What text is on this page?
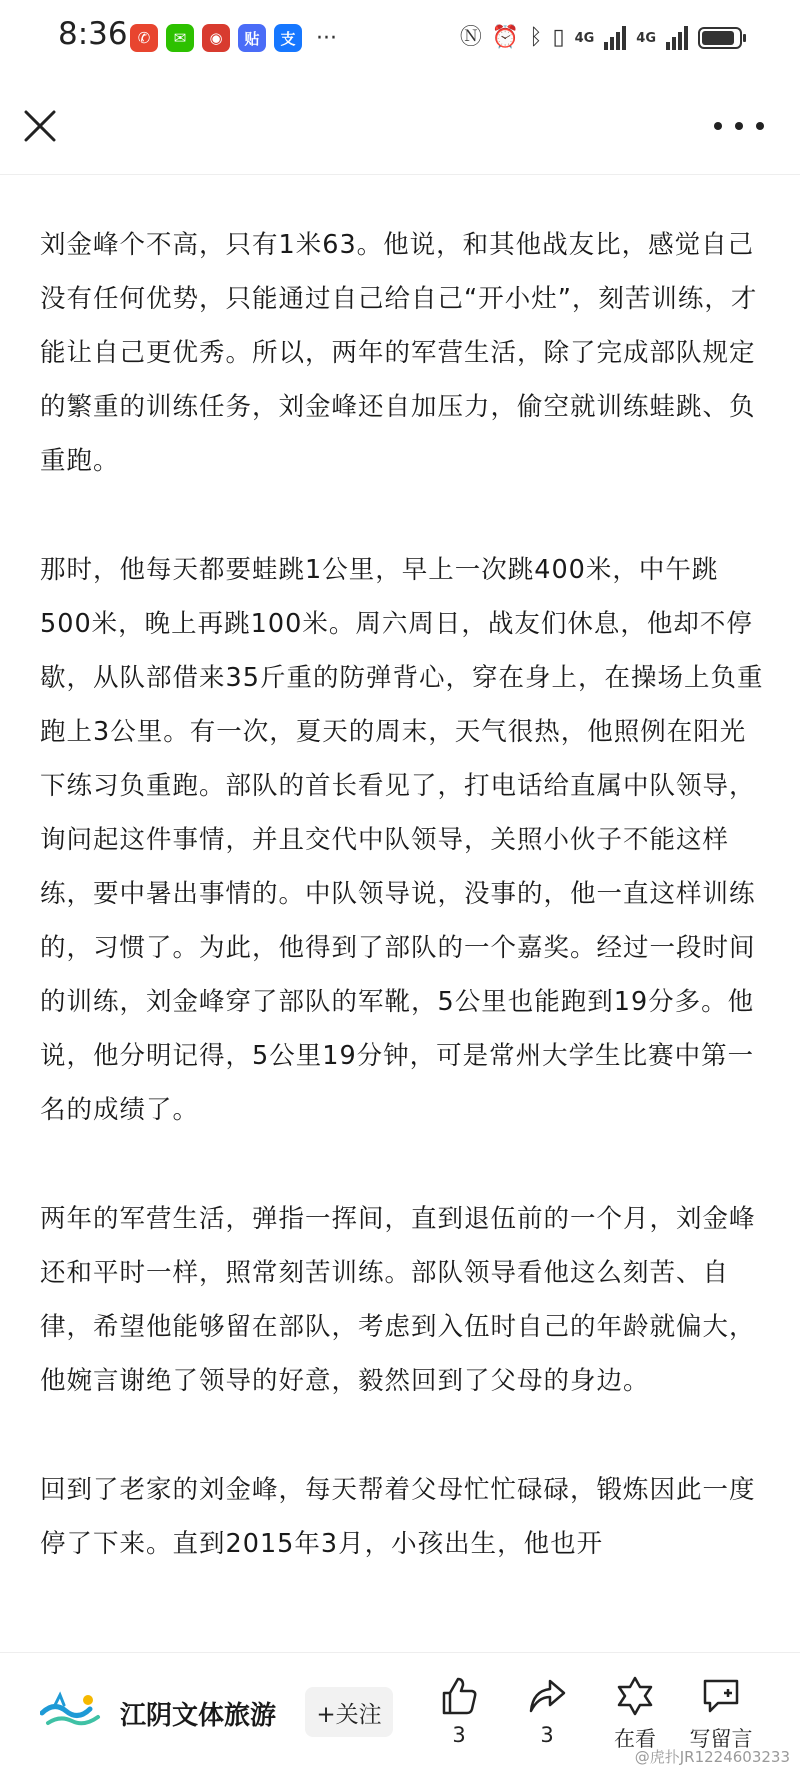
8:36 ✆	✉	◉	贴	支 ···	Ⓝ ⏰ ᛒ ▯ 4G	4G

刘金峰个不高，只有1米63。他说，和其他战友比，感觉自己没有任何优势，只能通过自己给自己“开小灶”，刻苦训练，才能让自己更优秀。所以，两年的军营生活，除了完成部队规定的繁重的训练任务，刘金峰还自加压力，偷空就训练蛙跳、负重跑。

那时，他每天都要蛙跳1公里，早上一次跳400米，中午跳500米，晚上再跳100米。周六周日，战友们休息，他却不停歇，从队部借来35斤重的防弹背心，穿在身上，在操场上负重跑上3公里。有一次，夏天的周末，天气很热，他照例在阳光下练习负重跑。部队的首长看见了，打电话给直属中队领导，询问起这件事情，并且交代中队领导，关照小伙子不能这样练，要中暑出事情的。中队领导说，没事的，他一直这样训练的，习惯了。为此，他得到了部队的一个嘉奖。经过一段时间的训练，刘金峰穿了部队的军靴，5公里也能跑到19分多。他说，他分明记得，5公里19分钟，可是常州大学生比赛中第一名的成绩了。

两年的军营生活，弹指一挥间，直到退伍前的一个月，刘金峰还和平时一样，照常刻苦训练。部队领导看他这么刻苦、自律，希望他能够留在部队，考虑到入伍时自己的年龄就偏大，他婉言谢绝了领导的好意，毅然回到了父母的身边。

回到了老家的刘金峰，每天帮着父母忙忙碌碌，锻炼因此一度停了下来。直到2015年3月，小孩出生，他也开

江阴文体旅游	+关注
3	3	在看	写留言
@虎扑JR1224603233
